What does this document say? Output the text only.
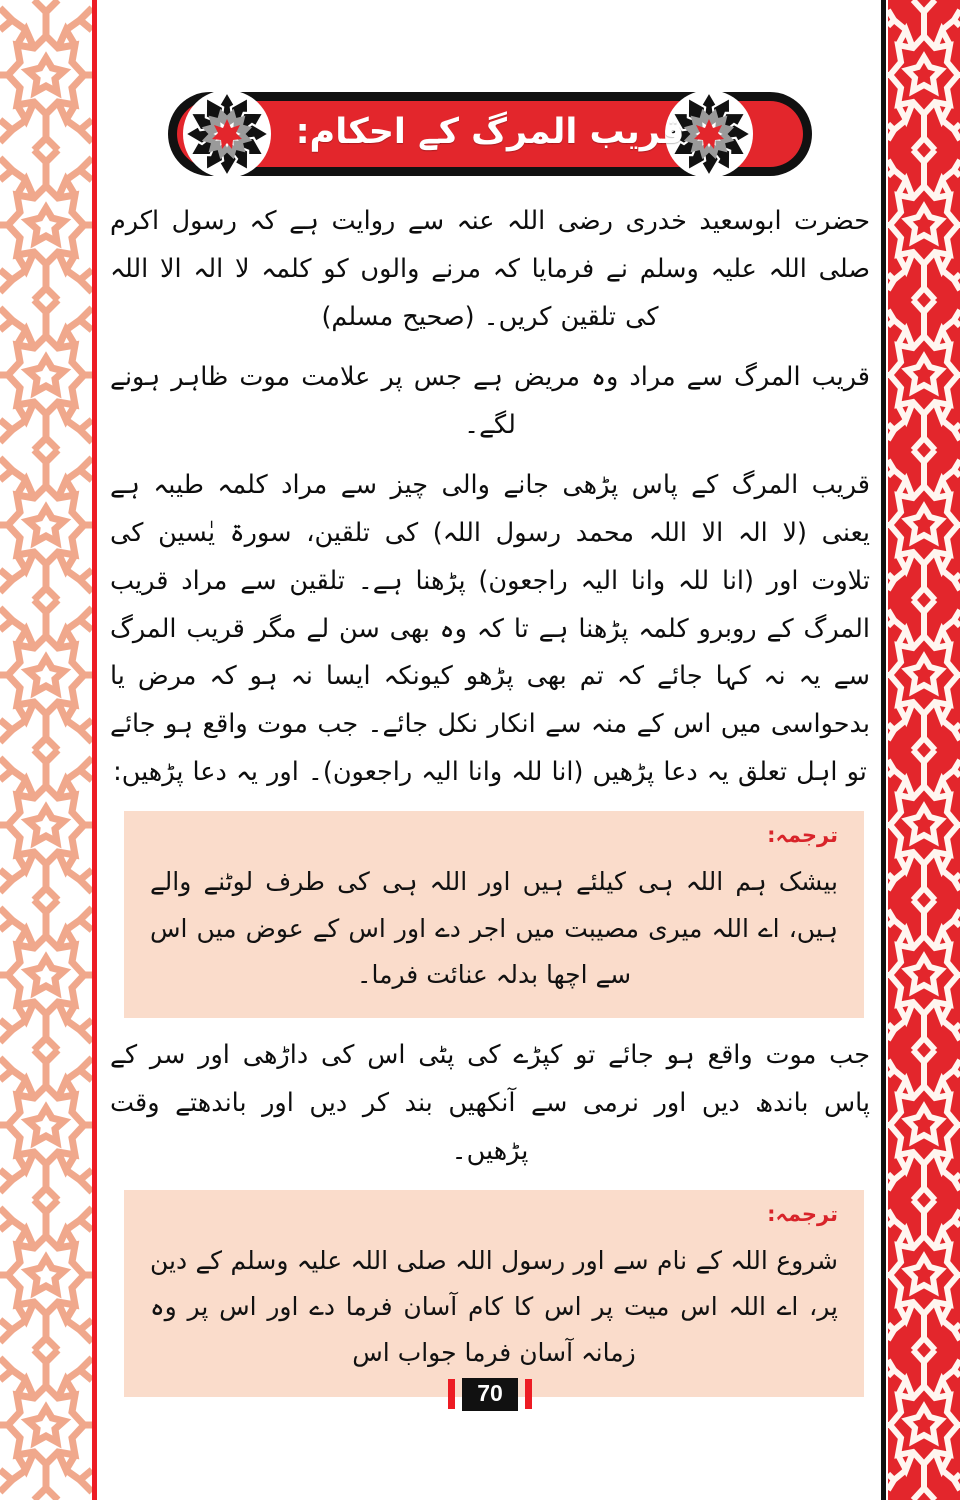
قریب المرگ کے احکام:

حضرت ابوسعید خدری رضی اللہ عنہ سے روایت ہے کہ رسول اکرم صلی اللہ علیہ وسلم نے فرمایا کہ مرنے والوں کو کلمہ لا الہ الا اللہ کی تلقین کریں۔ (صحیح مسلم)

قریب المرگ سے مراد وہ مریض ہے جس پر علامت موت ظاہر ہونے لگے۔

قریب المرگ کے پاس پڑھی جانے والی چیز سے مراد کلمہ طیبہ ہے یعنی (لا الہ الا اللہ محمد رسول اللہ) کی تلقین، سورۃ یٰسین کی تلاوت اور (انا للہ وانا الیہ راجعون) پڑھنا ہے۔ تلقین سے مراد قریب المرگ کے روبرو کلمہ پڑھنا ہے تا کہ وہ بھی سن لے مگر قریب المرگ سے یہ نہ کہا جائے کہ تم بھی پڑھو کیونکہ ایسا نہ ہو کہ مرض یا بدحواسی میں اس کے منہ سے انکار نکل جائے۔ جب موت واقع ہو جائے تو اہل تعلق یہ دعا پڑھیں (انا للہ وانا الیہ راجعون)۔ اور یہ دعا پڑھیں:

ترجمہ:

بیشک ہم اللہ ہی کیلئے ہیں اور اللہ ہی کی طرف لوٹنے والے ہیں، اے اللہ میری مصیبت میں اجر دے اور اس کے عوض میں اس سے اچھا بدلہ عنائت فرما۔

جب موت واقع ہو جائے تو کپڑے کی پٹی اس کی داڑھی اور سر کے پاس باندھ دیں اور نرمی سے آنکھیں بند کر دیں اور باندھتے وقت پڑھیں۔

ترجمہ:

شروع اللہ کے نام سے اور رسول اللہ صلی اللہ علیہ وسلم کے دین پر، اے اللہ اس میت پر اس کا کام آسان فرما دے اور اس پر وہ زمانہ آسان فرما جواب اس

70
